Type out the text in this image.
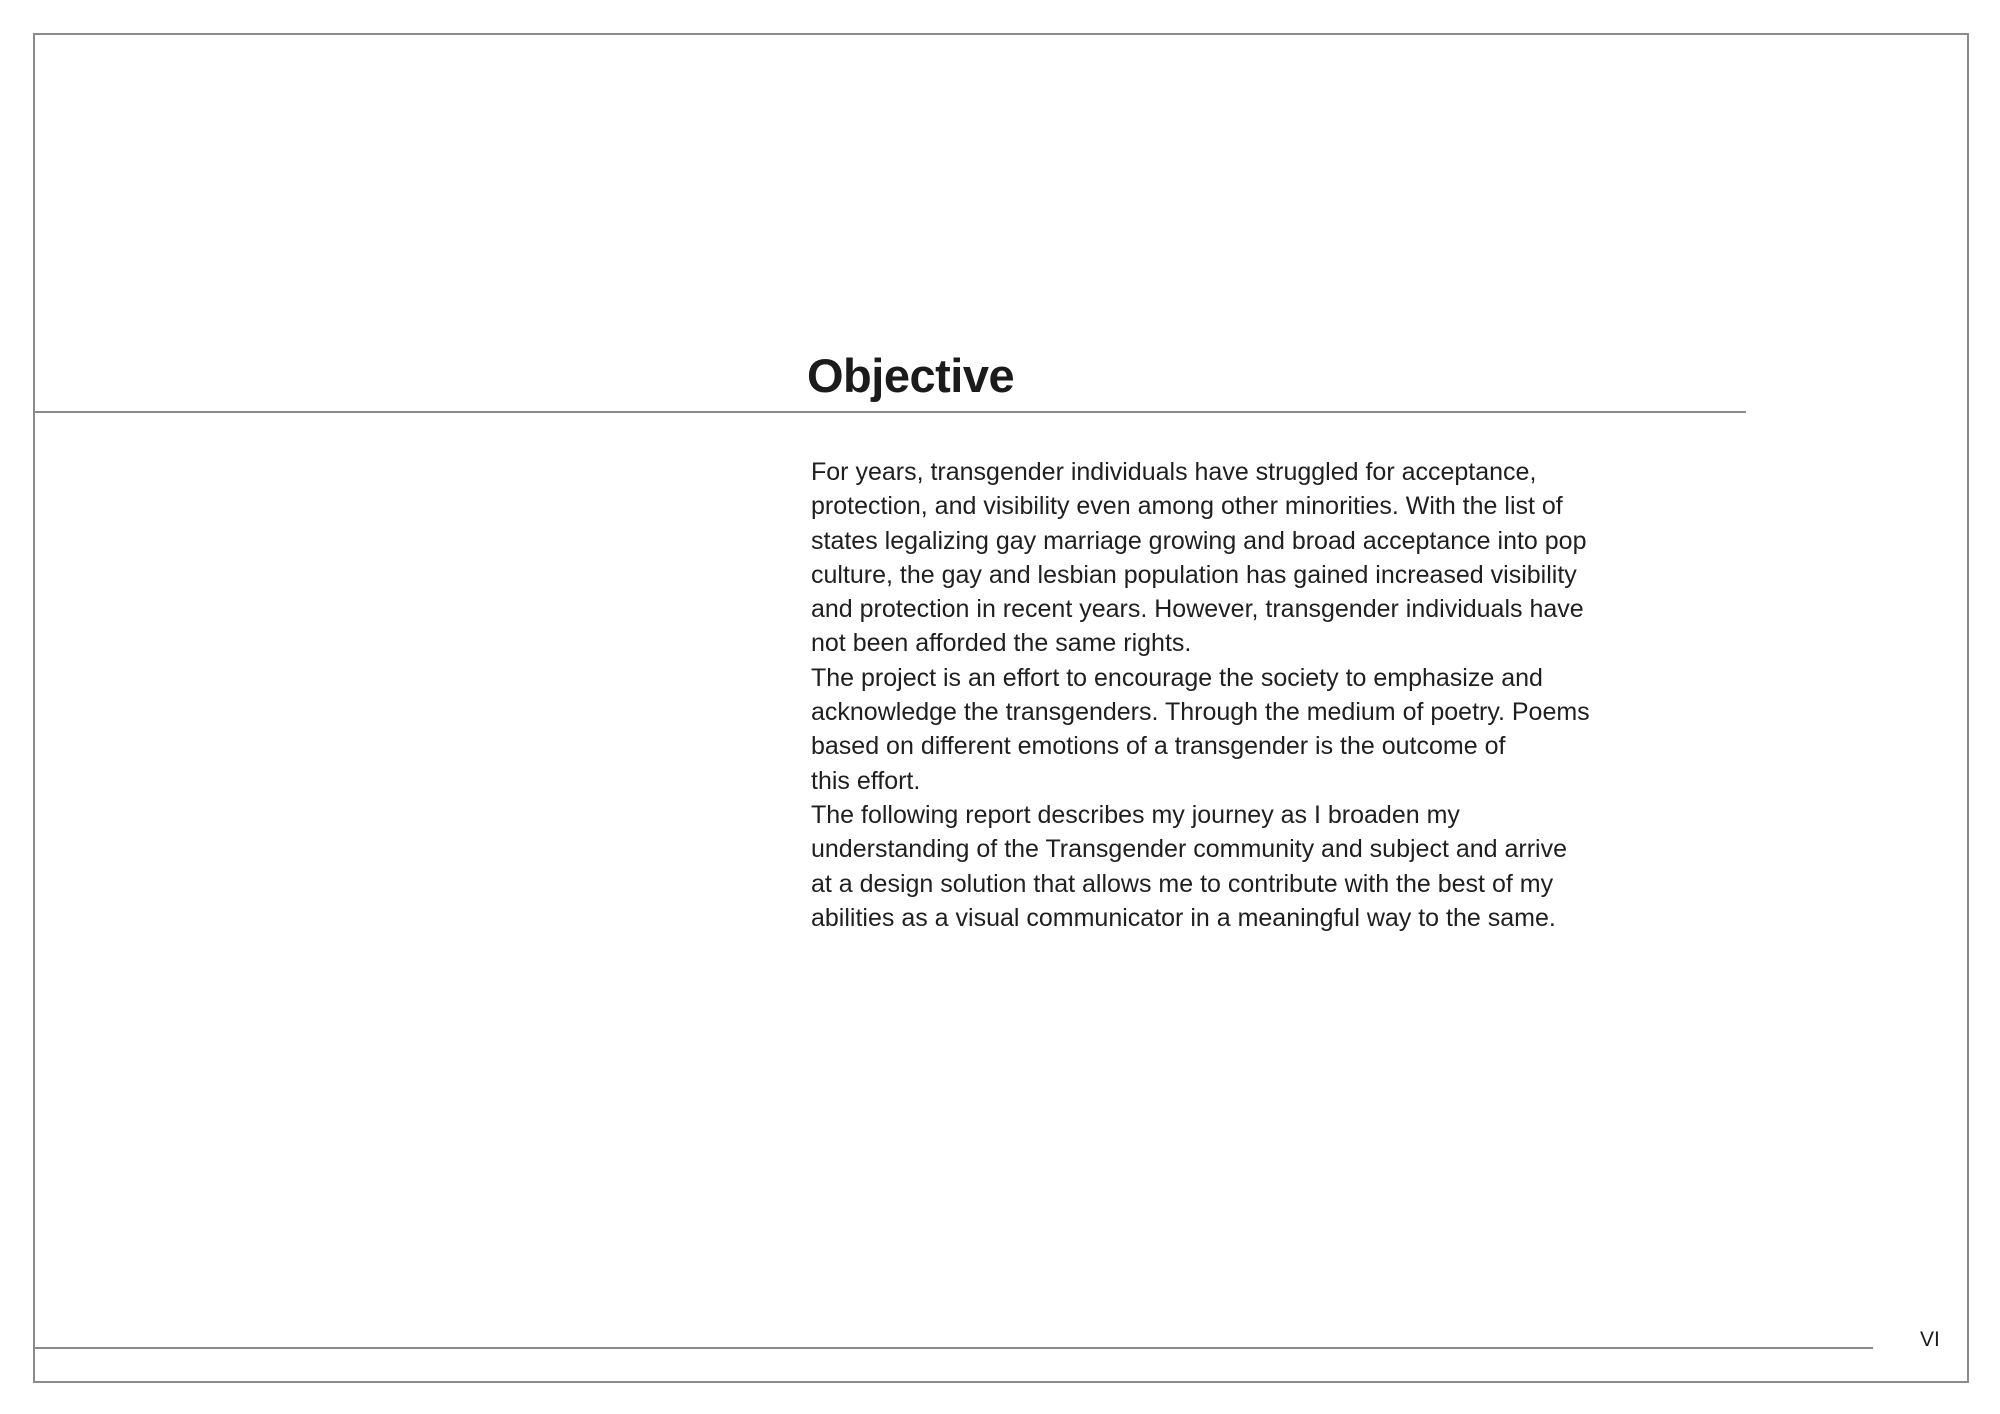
Objective

For years, transgender individuals have struggled for acceptance,
protection, and visibility even among other minorities. With the list of
states legalizing gay marriage growing and broad acceptance into pop
culture, the gay and lesbian population has gained increased visibility
and protection in recent years. However, transgender individuals have
not been afforded the same rights.

The project is an effort to encourage the society to emphasize and
acknowledge the transgenders. Through the medium of poetry. Poems
based on different emotions of a transgender is the outcome of
this effort.

The following report describes my journey as I broaden my
understanding of the Transgender community and subject and arrive
at a design solution that allows me to contribute with the best of my
abilities as a visual communicator in a meaningful way to the same.

VI
